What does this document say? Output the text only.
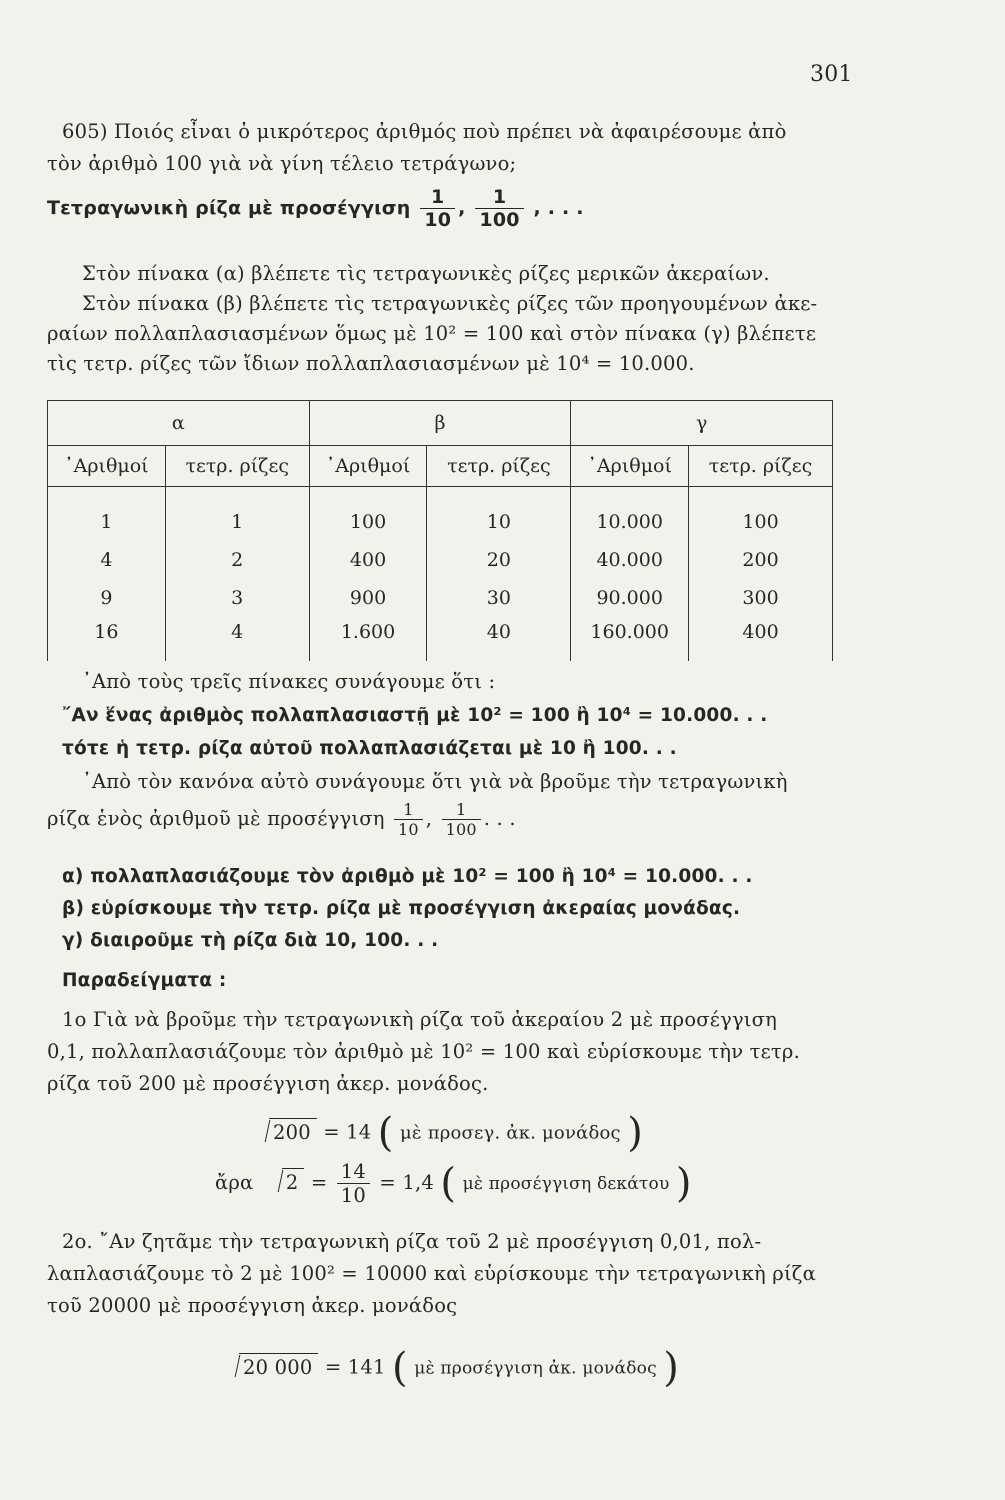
301
605) Ποιός εἶναι ὁ μικρότερος ἀριθμός ποὺ πρέπει νὰ ἀφαιρέσουμε ἀπὸ
τὸν ἀριθμὸ 100 γιὰ νὰ γίνη τέλειο τετράγωνο;
Τετραγωνικὴ ρίζα μὲ προσέγγιση $\frac{1}{10}$ , $\frac{1}{100}$ , . . .
Στὸν πίνακα (α) βλέπετε τὶς τετραγωνικὲς ρίζες μερικῶν ἀκεραίων.
Στὸν πίνακα (β) βλέπετε τὶς τετραγωνικὲς ρίζες τῶν προηγουμένων ἀκε-
ραίων πολλαπλασιασμένων ὅμως μὲ 10² = 100 καὶ στὸν πίνακα (γ) βλέπετε
τὶς τετρ. ρίζες τῶν ἴδιων πολλαπλασιασμένων μὲ 10⁴ = 10.000.
α		β		γ	
᾿Αριθμοί	τετρ. ρίζες	᾿Αριθμοί	τετρ. ρίζες	᾿Αριθμοί	τετρ. ρίζες
1	1	100	10	10.000	100
4	2	400	20	40.000	200
9	3	900	30	90.000	300
16	4	1.600	40	160.000	400
᾿Απὸ τοὺς τρεῖς πίνακες συνάγουμε ὅτι :
῎Αν ἕνας ἀριθμὸς πολλαπλασιαστῇ μὲ 10² = 100 ἢ 10⁴ = 10.000. . .
τότε ἡ τετρ. ρίζα αὐτοῦ πολλαπλασιάζεται μὲ 10 ἢ 100. . .
᾿Απὸ τὸν κανόνα αὐτὸ συνάγουμε ὅτι γιὰ νὰ βροῦμε τὴν τετραγωνικὴ
ρίζα ἑνὸς ἀριθμοῦ μὲ προσέγγιση $\frac{1}{10}$ , $\frac{1}{100}$ . . .
α) πολλαπλασιάζουμε τὸν ἀριθμὸ μὲ 10² = 100 ἢ 10⁴ = 10.000. . .
β) εὑρίσκουμε τὴν τετρ. ρίζα μὲ προσέγγιση ἀκεραίας μονάδας.
γ) διαιροῦμε τὴ ρίζα διὰ 10, 100. . .
Παραδείγματα :
1ο Γιὰ νὰ βροῦμε τὴν τετραγωνικὴ ρίζα τοῦ ἀκεραίου 2 μὲ προσέγγιση
0,1, πολλαπλασιάζουμε τὸν ἀριθμὸ μὲ 10² = 100 καὶ εὑρίσκουμε τὴν τετρ.
ρίζα τοῦ 200 μὲ προσέγγιση ἀκερ. μονάδος.
200 = 14 ( μὲ προσεγ. ἀκ. μονάδος )
ἄρα $2 = \frac{14}{10} = 1,4$ ( μὲ προσέγγιση δεκάτου )
2ο. ῎Αν ζητᾶμε τὴν τετραγωνικὴ ρίζα τοῦ 2 μὲ προσέγγιση 0,01, πολ-
λαπλασιάζουμε τὸ 2 μὲ 100² = 10000 καὶ εὑρίσκουμε τὴν τετραγωνικὴ ρίζα
τοῦ 20000 μὲ προσέγγιση ἀκερ. μονάδος
20 000 = 141 ( μὲ προσέγγιση ἀκ. μονάδος )
